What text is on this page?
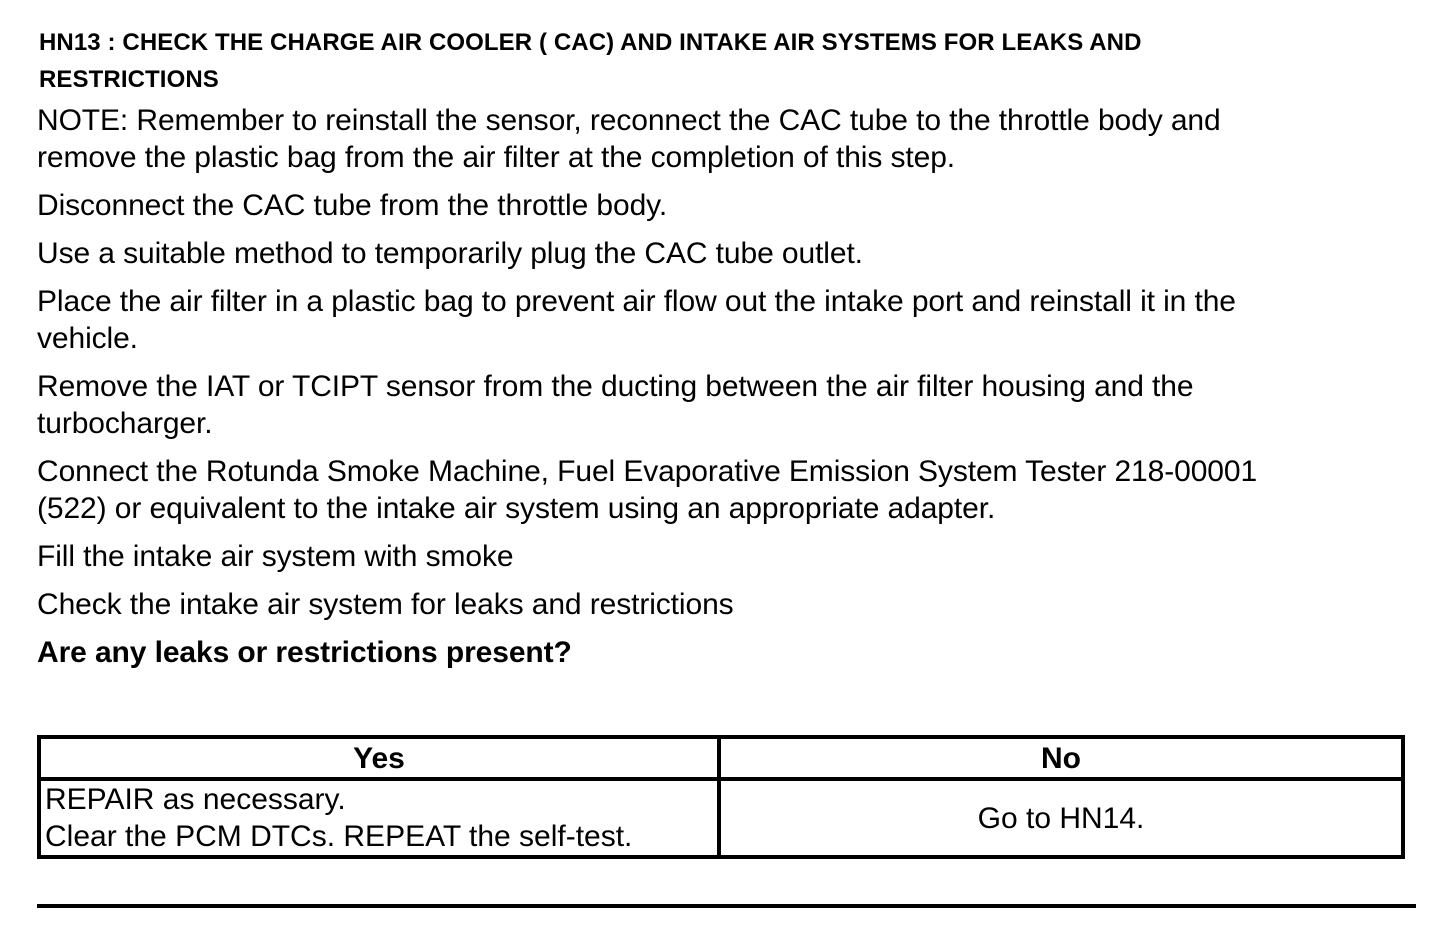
HN13 : CHECK THE CHARGE AIR COOLER ( CAC) AND INTAKE AIR SYSTEMS FOR LEAKS AND
RESTRICTIONS
NOTE: Remember to reinstall the sensor, reconnect the CAC tube to the throttle body and
remove the plastic bag from the air filter at the completion of this step.
Disconnect the CAC tube from the throttle body.
Use a suitable method to temporarily plug the CAC tube outlet.
Place the air filter in a plastic bag to prevent air flow out the intake port and reinstall it in the
vehicle.
Remove the IAT or TCIPT sensor from the ducting between the air filter housing and the
turbocharger.
Connect the Rotunda Smoke Machine, Fuel Evaporative Emission System Tester 218-00001
(522) or equivalent to the intake air system using an appropriate adapter.
Fill the intake air system with smoke
Check the intake air system for leaks and restrictions
Are any leaks or restrictions present?
Yes	No
REPAIR as necessary.
Clear the PCM DTCs. REPEAT the self-test.	Go to HN14.
